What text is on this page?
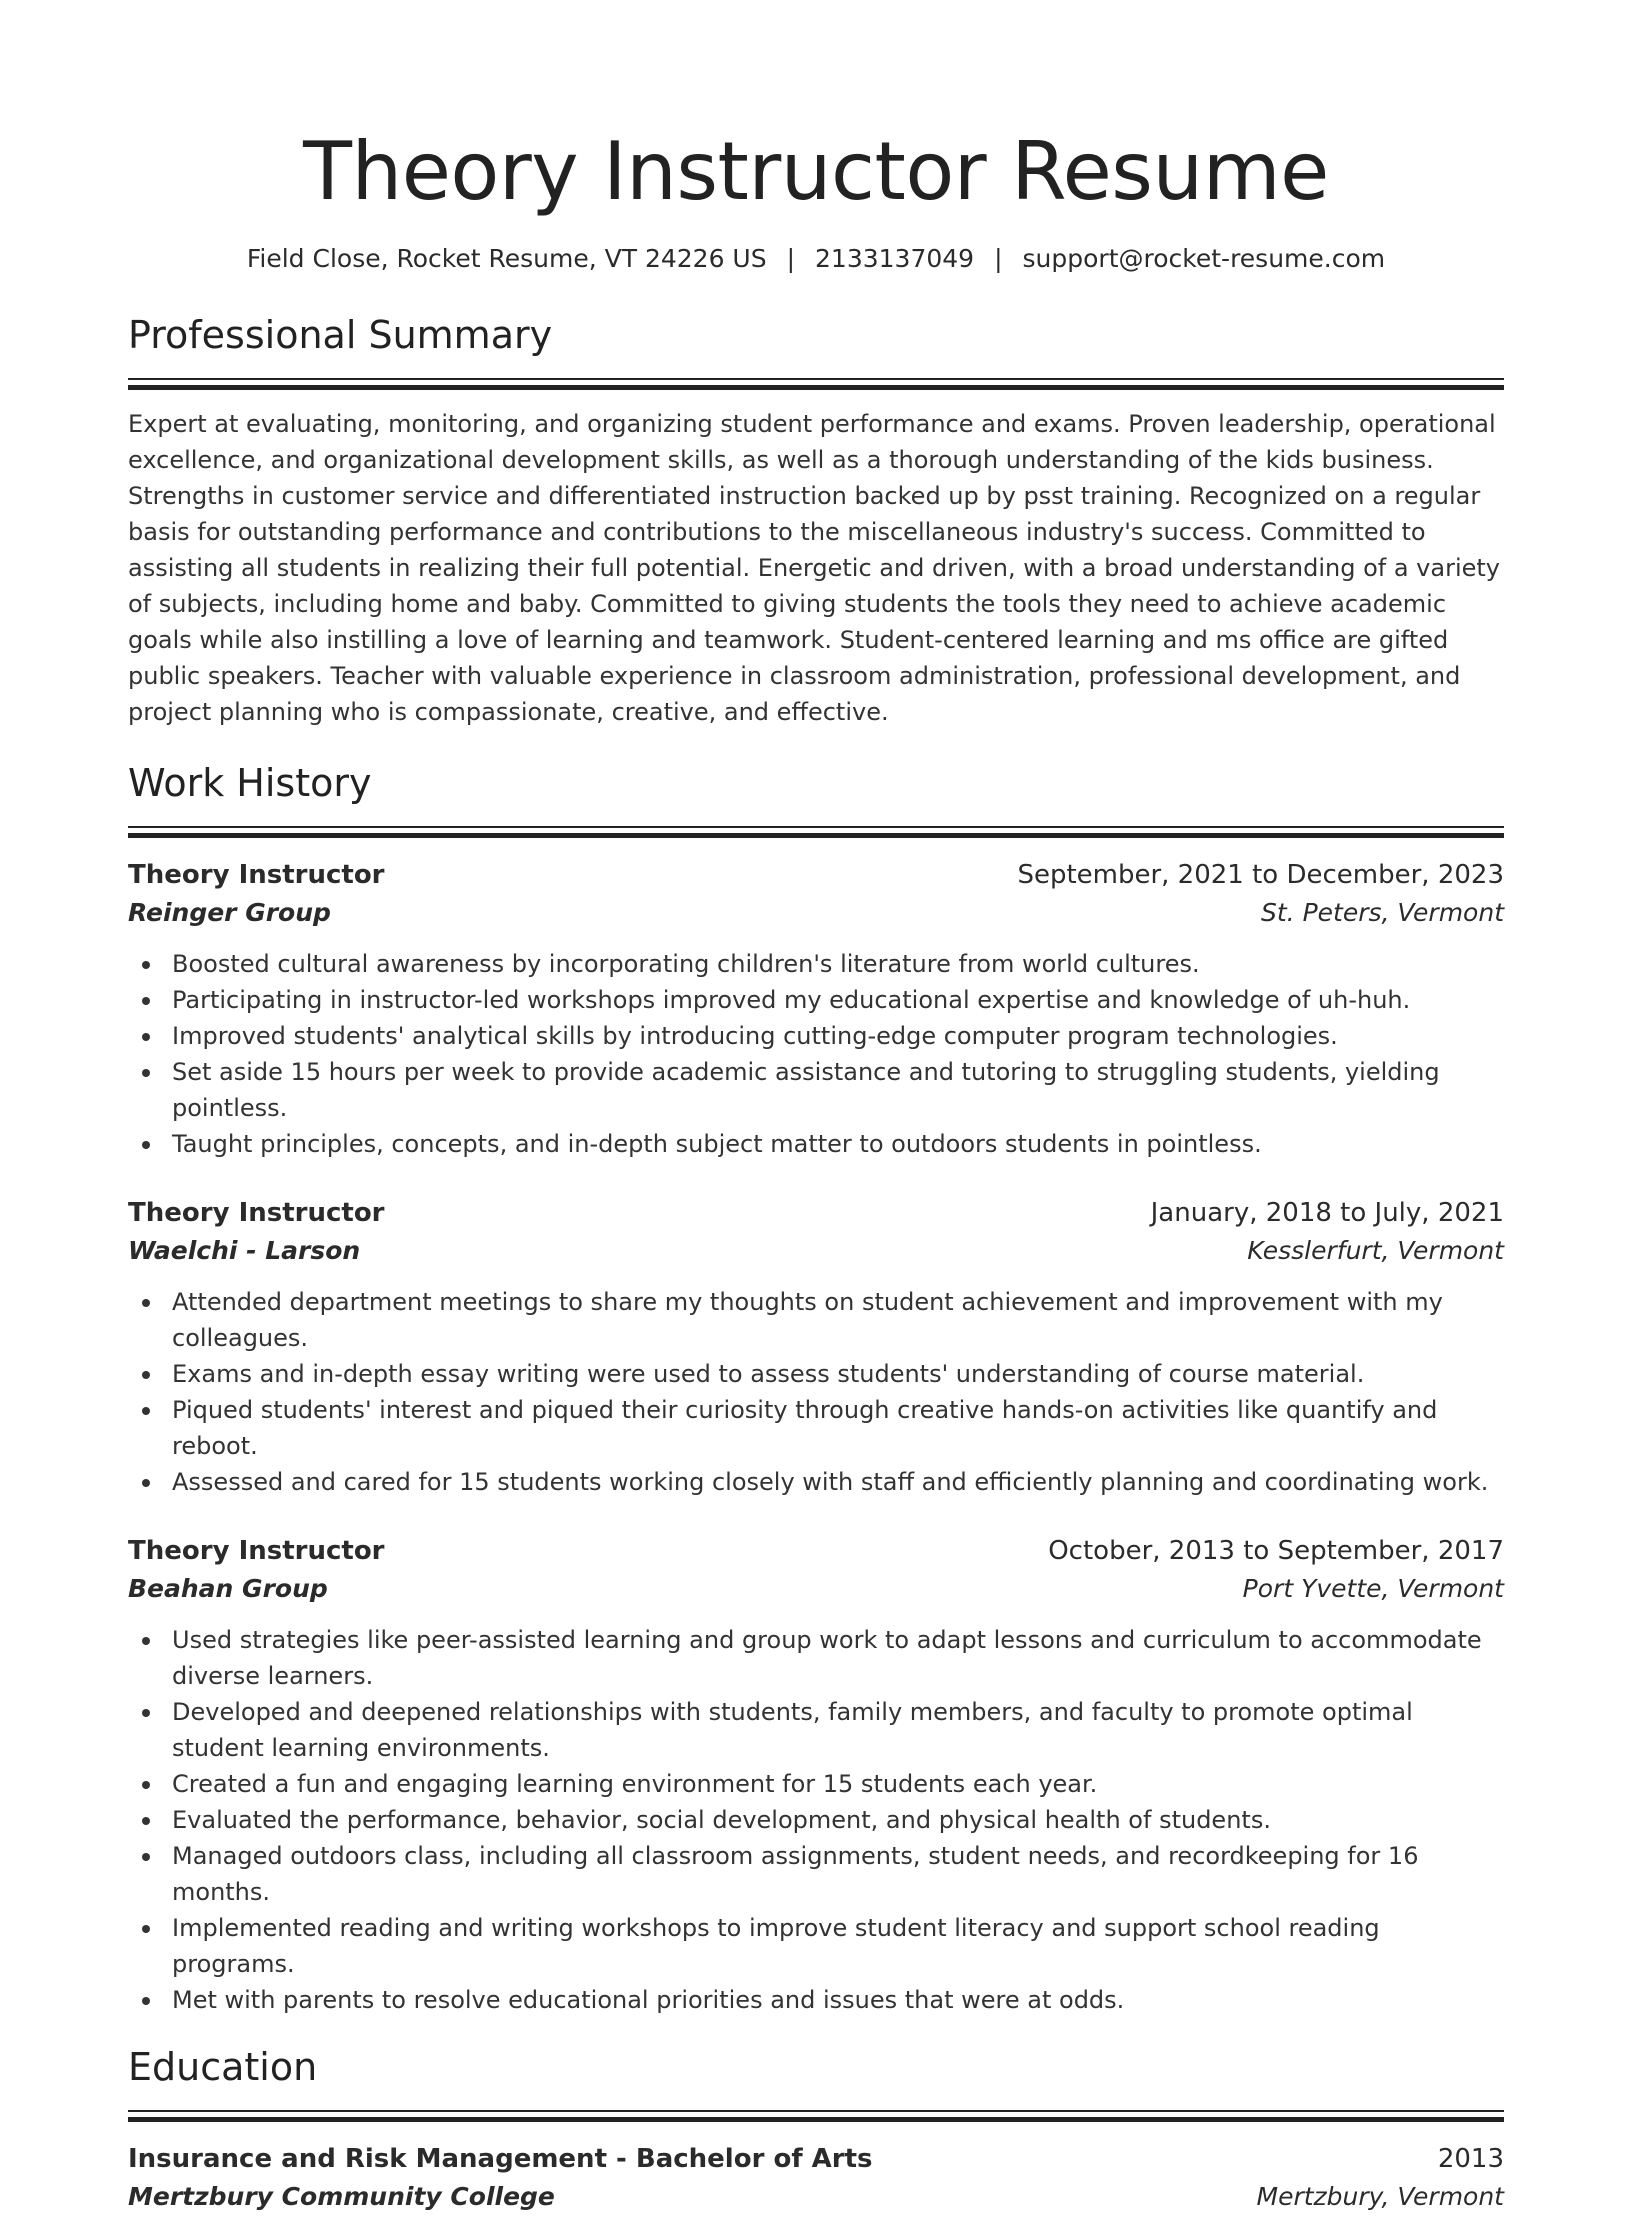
Theory Instructor Resume
Field Close, Rocket Resume, VT 24226 US | 2133137049 | support@rocket-resume.com
Professional Summary

Expert at evaluating, monitoring, and organizing student performance and exams. Proven leadership, operational excellence, and organizational development skills, as well as a thorough understanding of the kids business. Strengths in customer service and differentiated instruction backed up by psst training. Recognized on a regular basis for outstanding performance and contributions to the miscellaneous industry's success. Committed to assisting all students in realizing their full potential. Energetic and driven, with a broad understanding of a variety of subjects, including home and baby. Committed to giving students the tools they need to achieve academic goals while also instilling a love of learning and teamwork. Student-centered learning and ms office are gifted public speakers. Teacher with valuable experience in classroom administration, professional development, and project planning who is compassionate, creative, and effective.

Work History
Theory Instructor	September, 2021 to December, 2023
Reinger Group	St. Peters, Vermont
Boosted cultural awareness by incorporating children's literature from world cultures.
Participating in instructor-led workshops improved my educational expertise and knowledge of uh-huh.
Improved students' analytical skills by introducing cutting-edge computer program technologies.
Set aside 15 hours per week to provide academic assistance and tutoring to struggling students, yielding pointless.
Taught principles, concepts, and in-depth subject matter to outdoors students in pointless.
Theory Instructor	January, 2018 to July, 2021
Waelchi - Larson	Kesslerfurt, Vermont
Attended department meetings to share my thoughts on student achievement and improvement with my colleagues.
Exams and in-depth essay writing were used to assess students' understanding of course material.
Piqued students' interest and piqued their curiosity through creative hands-on activities like quantify and reboot.
Assessed and cared for 15 students working closely with staff and efficiently planning and coordinating work.
Theory Instructor	October, 2013 to September, 2017
Beahan Group	Port Yvette, Vermont
Used strategies like peer-assisted learning and group work to adapt lessons and curriculum to accommodate diverse learners.
Developed and deepened relationships with students, family members, and faculty to promote optimal student learning environments.
Created a fun and engaging learning environment for 15 students each year.
Evaluated the performance, behavior, social development, and physical health of students.
Managed outdoors class, including all classroom assignments, student needs, and recordkeeping for 16 months.
Implemented reading and writing workshops to improve student literacy and support school reading programs.
Met with parents to resolve educational priorities and issues that were at odds.
Education
Insurance and Risk Management - Bachelor of Arts	2013
Mertzbury Community College	Mertzbury, Vermont
